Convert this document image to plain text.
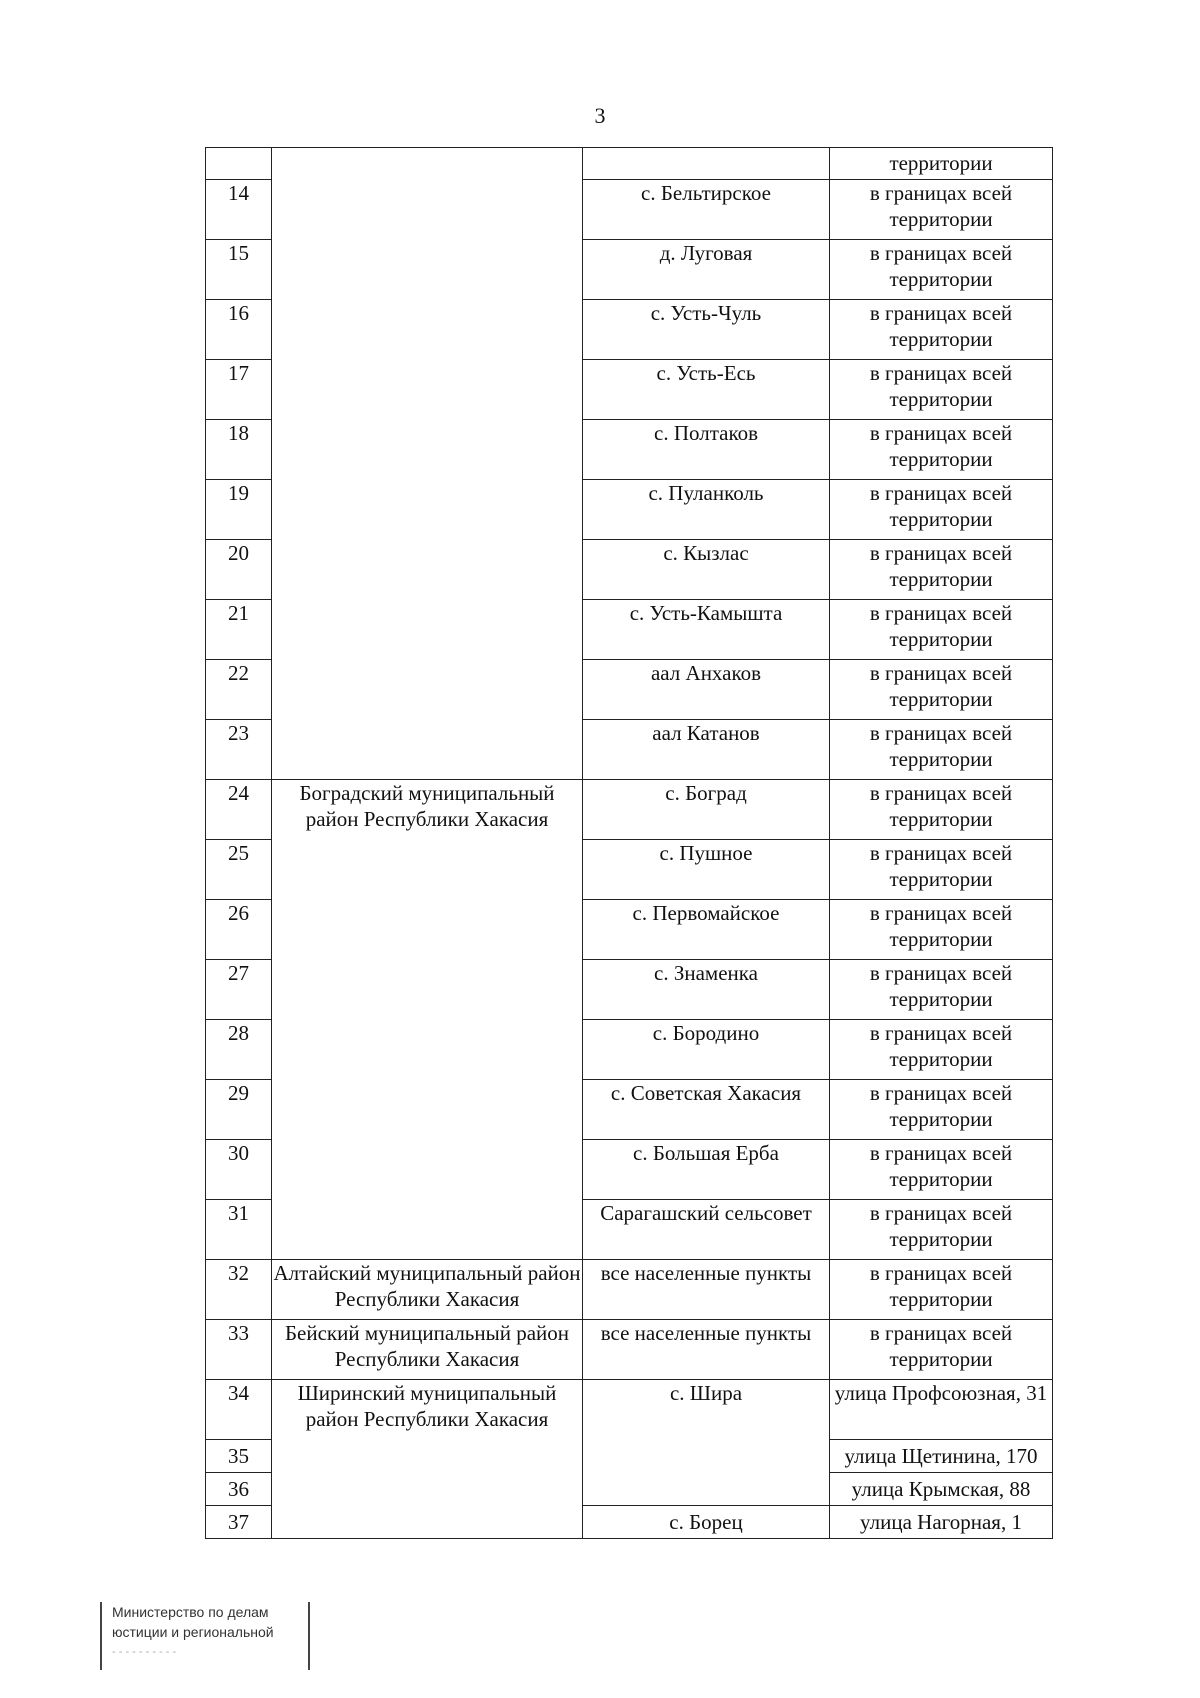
3
			территории
14		с. Бельтирское	в границах всей территории
15		д. Луговая	в границах всей территории
16		с. Усть-Чуль	в границах всей территории
17		с. Усть-Есь	в границах всей территории
18		с. Полтаков	в границах всей территории
19		с. Пуланколь	в границах всей территории
20		с. Кызлас	в границах всей территории
21		с. Усть-Камышта	в границах всей территории
22		аал Анхаков	в границах всей территории
23		аал Катанов	в границах всей территории
24	Боградский муниципальный район Республики Хакасия	с. Боград	в границах всей территории
25		с. Пушное	в границах всей территории
26		с. Первомайское	в границах всей территории
27		с. Знаменка	в границах всей территории
28		с. Бородино	в границах всей территории
29		с. Советская Хакасия	в границах всей территории
30		с. Большая Ерба	в границах всей территории
31		Сарагашский сельсовет	в границах всей территории
32	Алтайский муниципальный район Республики Хакасия	все населенные пункты	в границах всей территории
33	Бейский муниципальный район Республики Хакасия	все населенные пункты	в границах всей территории
34	Ширинский муниципальный район Республики Хакасия	с. Шира	улица Профсоюзная, 31
35			улица Щетинина, 170
36			улица Крымская, 88
37		с. Борец	улица Нагорная, 1
Министерство по делам
юстиции и региональной
- - - - - - - - - -
